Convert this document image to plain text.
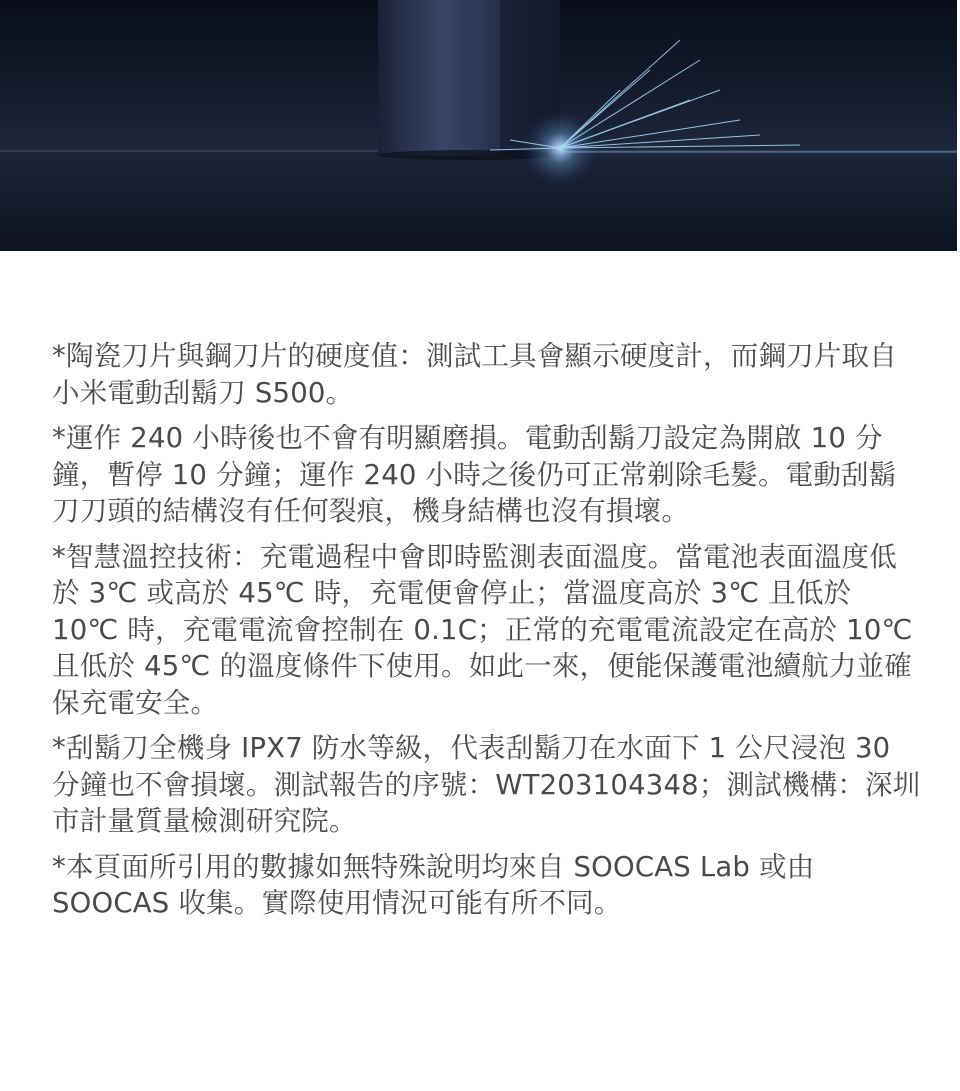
*陶瓷刀片與鋼刀片的硬度值：測試工具會顯示硬度計，而鋼刀片取自小米電動刮鬍刀 S500。

*運作 240 小時後也不會有明顯磨損。電動刮鬍刀設定為開啟 10 分鐘，暫停 10 分鐘；運作 240 小時之後仍可正常剃除毛髮。電動刮鬍刀刀頭的結構沒有任何裂痕，機身結構也沒有損壞。

*智慧溫控技術：充電過程中會即時監測表面溫度。當電池表面溫度低於 3℃ 或高於 45℃ 時，充電便會停止；當溫度高於 3℃ 且低於 10℃ 時，充電電流會控制在 0.1C；正常的充電電流設定在高於 10℃ 且低於 45℃ 的溫度條件下使用。如此一來，便能保護電池續航力並確保充電安全。

*刮鬍刀全機身 IPX7 防水等級，代表刮鬍刀在水面下 1 公尺浸泡 30 分鐘也不會損壞。測試報告的序號：WT203104348；測試機構：深圳市計量質量檢測研究院。

*本頁面所引用的數據如無特殊說明均來自 SOOCAS Lab 或由 SOOCAS 收集。實際使用情況可能有所不同。
